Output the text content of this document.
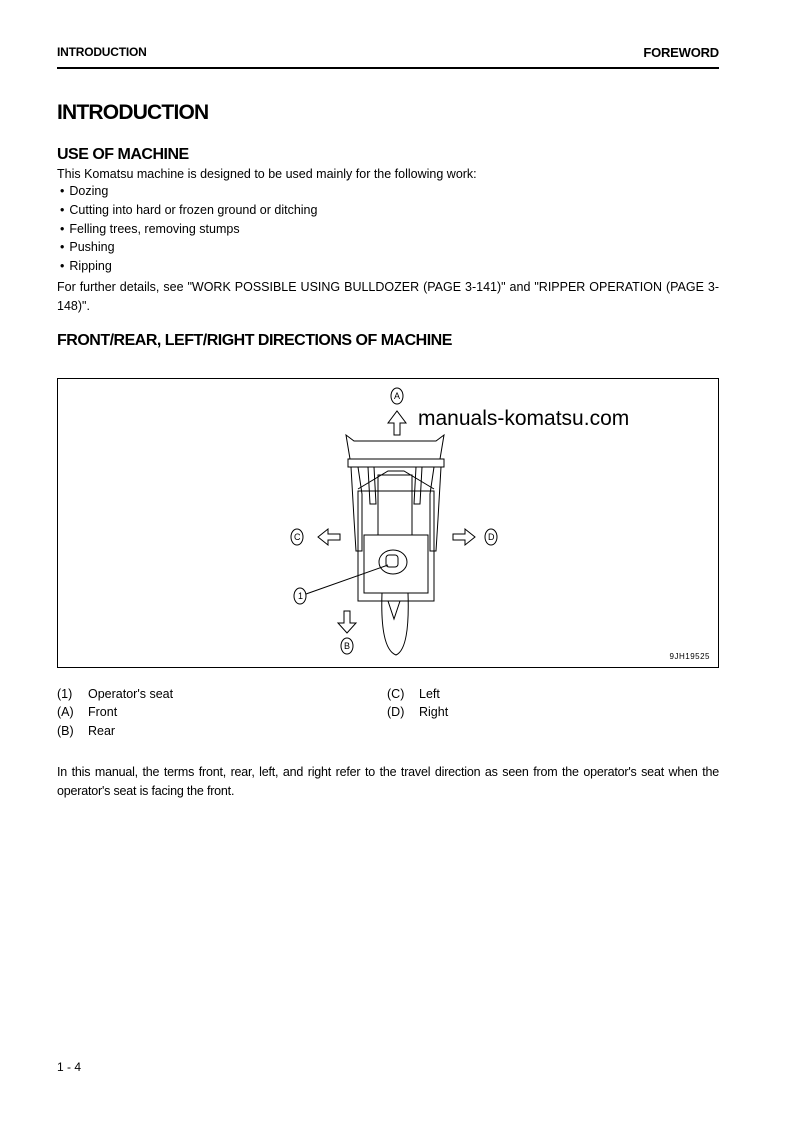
INTRODUCTION	FOREWORD
INTRODUCTION
USE OF MACHINE
This Komatsu machine is designed to be used mainly for the following work:
• Dozing
• Cutting into hard or frozen ground or ditching
• Felling trees, removing stumps
• Pushing
• Ripping
For further details, see "WORK POSSIBLE USING BULLDOZER (PAGE 3-141)" and "RIPPER OPERATION (PAGE 3-148)".
FRONT/REAR, LEFT/RIGHT DIRECTIONS OF MACHINE
A
C	D
B
1
manuals-komatsu.com
9JH19525
(1) Operator's seat
(A) Front
(B) Rear
(C) Left
(D) Right
In this manual, the terms front, rear, left, and right refer to the travel direction as seen from the operator's seat when the operator's seat is facing the front.
1 - 4
